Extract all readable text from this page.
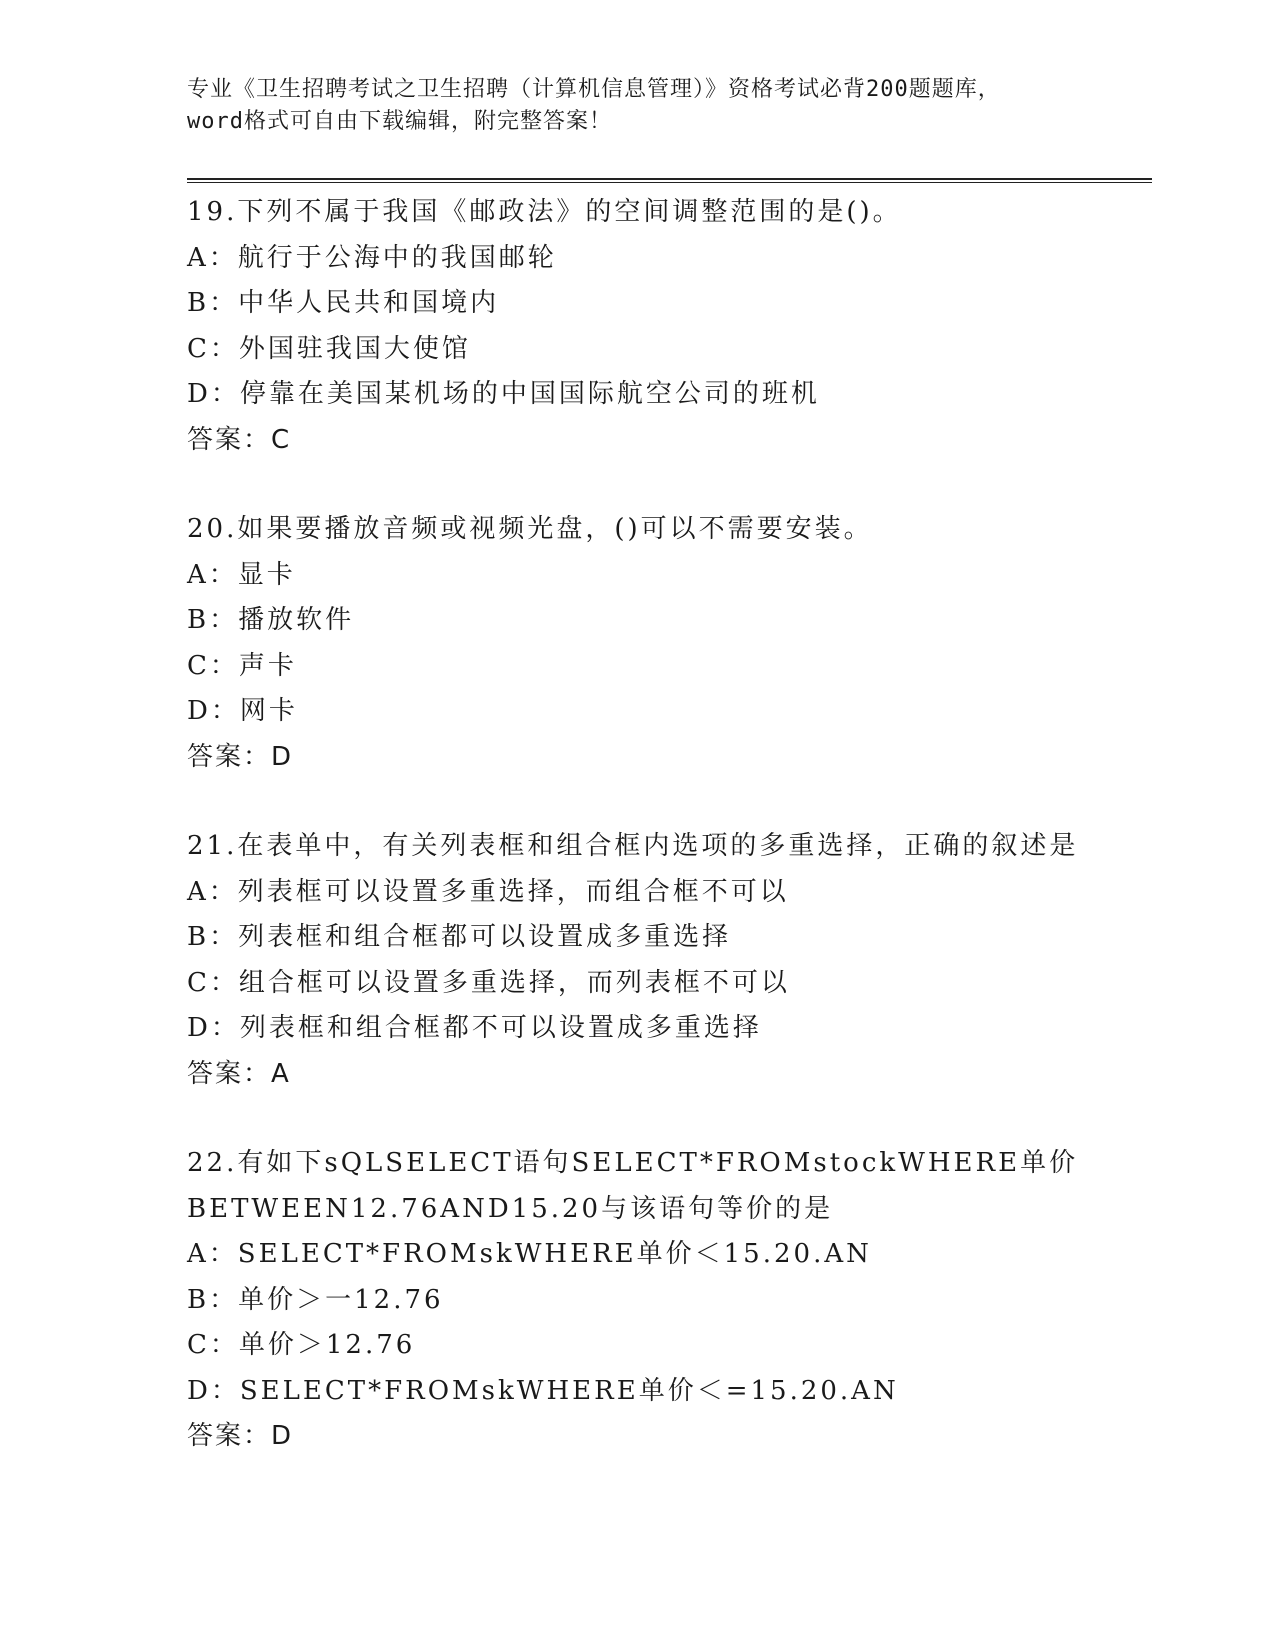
专业《卫生招聘考试之卫生招聘（计算机信息管理）》资格考试必背200题题库，
word格式可自由下载编辑，附完整答案！
19.下列不属于我国《邮政法》的空间调整范围的是()。
A：航行于公海中的我国邮轮
B：中华人民共和国境内
C：外国驻我国大使馆
D：停靠在美国某机场的中国国际航空公司的班机
答案：C
20.如果要播放音频或视频光盘，()可以不需要安装。
A：显卡
B：播放软件
C：声卡
D：网卡
答案：D
21.在表单中，有关列表框和组合框内选项的多重选择，正确的叙述是
A：列表框可以设置多重选择，而组合框不可以
B：列表框和组合框都可以设置成多重选择
C：组合框可以设置多重选择，而列表框不可以
D：列表框和组合框都不可以设置成多重选择
答案：A
22.有如下sQLSELECT语句SELECT*FROMstockWHERE单价
BETWEEN12.76AND15.20与该语句等价的是
A：SELECT*FROMskWHERE单价＜15.20.AN
B：单价＞一12.76
C：单价＞12.76
D：SELECT*FROMskWHERE单价＜=15.20.AN
答案：D
